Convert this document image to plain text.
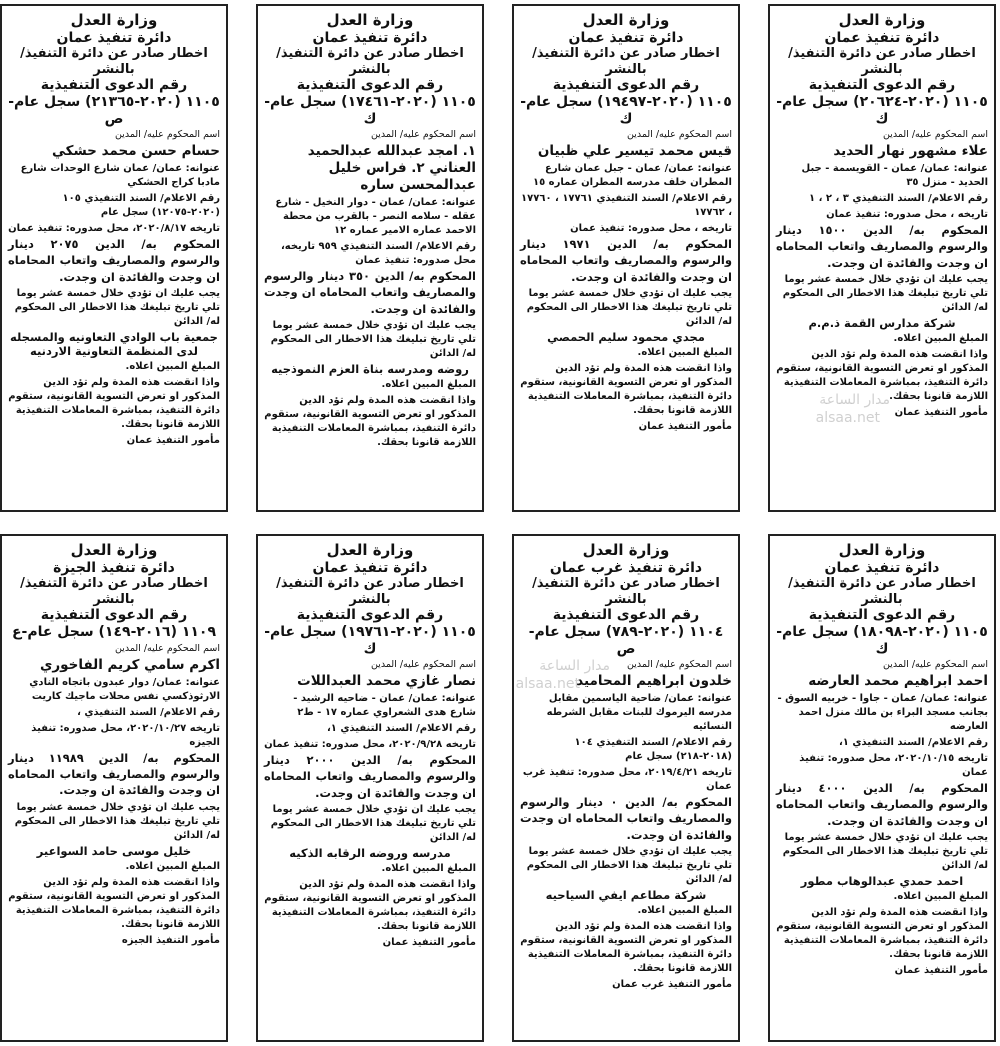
وزارة العدل
دائرة تنفيذ عمان
اخطار صادر عن دائرة التنفيذ/بالنشر
رقم الدعوى التنفيذية
١١٠٥ (٢٠٢٠-٢٠٦٢٤) سجل عام-ك
اسم المحكوم عليه/ المدين
علاء مشهور نهار الحديد
عنوانه: عمان/ عمان - القويسمة - جبل الحديد - منزل ٣٥
رقم الاعلام/ السند التنفيذي ٣ ، ٢ ، ١
تاريخه ، محل صدوره: تنفيذ عمان
المحكوم به/ الدين ١٥٠٠ دينار والرسوم والمصاريف واتعاب المحاماه ان وجدت والفائدة ان وجدت.
يجب عليك ان تؤدي خلال خمسة عشر يوما تلي تاريخ تبليغك هذا الاخطار الى المحكوم له/ الدائن
شركة مدارس القمة ذ.م.م
المبلغ المبين اعلاه.
واذا انقضت هذه المدة ولم تؤد الدين المذكور او تعرض التسوية القانونية، ستقوم دائرة التنفيذ، بمباشرة المعاملات التنفيذية اللازمة قانونا بحقك.
مأمور التنفيذ عمان
وزارة العدل
دائرة تنفيذ عمان
اخطار صادر عن دائرة التنفيذ/بالنشر
رقم الدعوى التنفيذية
١١٠٥ (٢٠٢٠-١٩٤٩٧) سجل عام-ك
اسم المحكوم عليه/ المدين
قيس محمد تيسير علي ظبيان
عنوانه: عمان/ عمان - جبل عمان شارع المطران خلف مدرسه المطران عماره ١٥
رقم الاعلام/ السند التنفيذي ١٧٧٦١ ، ١٧٧٦٠ ، ١٧٧٦٢
تاريخه ، محل صدوره: تنفيذ عمان
المحكوم به/ الدين ١٩٧١ دينار والرسوم والمصاريف واتعاب المحاماه ان وجدت والفائدة ان وجدت.
يجب عليك ان تؤدي خلال خمسة عشر يوما تلي تاريخ تبليغك هذا الاخطار الى المحكوم له/ الدائن
مجدي محمود سليم الحمصي
المبلغ المبين اعلاه.
واذا انقضت هذه المدة ولم تؤد الدين المذكور او تعرض التسوية القانونية، ستقوم دائرة التنفيذ، بمباشرة المعاملات التنفيذية اللازمة قانونا بحقك.
مأمور التنفيذ عمان
وزارة العدل
دائرة تنفيذ عمان
اخطار صادر عن دائرة التنفيذ/بالنشر
رقم الدعوى التنفيذية
١١٠٥ (٢٠٢٠-١٧٤٦١) سجل عام-ك
اسم المحكوم عليه/ المدين
١. امجد عبدالله عبدالحميد العناني ٢. فراس خليل عبدالمحسن ساره
عنوانه: عمان/ عمان - دوار النخيل - شارع عقله - سلامه النصر - بالقرب من محطة الاحمد عماره الامير عماره ١٢
رقم الاعلام/ السند التنفيذي ٩٥٩ تاريخه، محل صدوره: تنفيذ عمان
المحكوم به/ الدين ٣٥٠ دينار والرسوم والمصاريف واتعاب المحاماه ان وجدت والفائدة ان وجدت.
يجب عليك ان تؤدي خلال خمسة عشر يوما تلي تاريخ تبليغك هذا الاخطار الى المحكوم له/ الدائن
روضه ومدرسه بناة العزم النموذجيه
المبلغ المبين اعلاه.
واذا انقضت هذه المدة ولم تؤد الدين المذكور او تعرض التسوية القانونية، ستقوم دائرة التنفيذ، بمباشرة المعاملات التنفيذية اللازمة قانونا بحقك.
وزارة العدل
دائرة تنفيذ عمان
اخطار صادر عن دائرة التنفيذ/بالنشر
رقم الدعوى التنفيذية
١١٠٥ (٢٠٢٠-٢١٣٦٥) سجل عام-ص
اسم المحكوم عليه/ المدين
حسام حسن محمد حشكي
عنوانه: عمان/ عمان شارع الوحدات شارع مادبا كراج الحشكي
رقم الاعلام/ السند التنفيذي ١٠٥ (٢٠٢٠-١٢٠٧٥) سجل عام
تاريخه ٢٠٢٠/٨/١٧، محل صدوره: تنفيذ عمان
المحكوم به/ الدين ٢٠٧٥ دينار والرسوم والمصاريف واتعاب المحاماه ان وجدت والفائدة ان وجدت.
يجب عليك ان تؤدي خلال خمسة عشر يوما تلي تاريخ تبليغك هذا الاخطار الى المحكوم له/ الدائن
جمعية باب الوادي التعاونيه والمسجله لدى المنظمة التعاونية الاردنيه
المبلغ المبين اعلاه.
واذا انقضت هذه المدة ولم تؤد الدين المذكور او تعرض التسوية القانونية، ستقوم دائرة التنفيذ، بمباشرة المعاملات التنفيذية اللازمة قانونا بحقك.
مأمور التنفيذ عمان
وزارة العدل
دائرة تنفيذ عمان
اخطار صادر عن دائرة التنفيذ/بالنشر
رقم الدعوى التنفيذية
١١٠٥ (٢٠٢٠-١٨٠٩٨) سجل عام-ك
اسم المحكوم عليه/ المدين
احمد ابراهيم محمد العارضه
عنوانه: عمان/ عمان - جاوا - خربيه السوق - بجانب مسجد البراء بن مالك منزل احمد العارضه
رقم الاعلام/ السند التنفيذي ١،
تاريخه ٢٠٢٠/١٠/١٥، محل صدوره: تنفيذ عمان
المحكوم به/ الدين ٤٠٠٠ دينار والرسوم والمصاريف واتعاب المحاماه ان وجدت والفائدة ان وجدت.
يجب عليك ان تؤدي خلال خمسة عشر يوما تلي تاريخ تبليغك هذا الاخطار الى المحكوم له/ الدائن
احمد حمدي عبدالوهاب مطور
المبلغ المبين اعلاه.
واذا انقضت هذه المدة ولم تؤد الدين المذكور او تعرض التسوية القانونية، ستقوم دائرة التنفيذ، بمباشرة المعاملات التنفيذية اللازمة قانونا بحقك.
مأمور التنفيذ عمان
وزارة العدل
دائرة تنفيذ غرب عمان
اخطار صادر عن دائرة التنفيذ/بالنشر
رقم الدعوى التنفيذية
١١٠٤ (٢٠٢٠-٧٨٩) سجل عام-ص
اسم المحكوم عليه/ المدين
خلدون ابراهيم المحاميد
عنوانه: عمان/ ضاحية الياسمين مقابل مدرسه اليرموك للبنات مقابل الشرطه النسائيه
رقم الاعلام/ السند التنفيذي ١٠٤ (٢٠١٨-٢١٨) سجل عام
تاريخه ٢٠١٩/٤/٢١، محل صدوره: تنفيذ غرب عمان
المحكوم به/ الدين ٠ دينار والرسوم والمصاريف واتعاب المحاماه ان وجدت والفائدة ان وجدت.
يجب عليك ان تؤدي خلال خمسة عشر يوما تلي تاريخ تبليغك هذا الاخطار الى المحكوم له/ الدائن
شركة مطاعم ايفي السياحيه
المبلغ المبين اعلاه.
واذا انقضت هذه المدة ولم تؤد الدين المذكور او تعرض التسوية القانونية، ستقوم دائرة التنفيذ، بمباشرة المعاملات التنفيذية اللازمة قانونا بحقك.
مأمور التنفيذ غرب عمان
وزارة العدل
دائرة تنفيذ عمان
اخطار صادر عن دائرة التنفيذ/بالنشر
رقم الدعوى التنفيذية
١١٠٥ (٢٠٢٠-١٩٧٦١) سجل عام-ك
اسم المحكوم عليه/ المدين
نصار غازي محمد العبداللات
عنوانه: عمان/ عمان - ضاحيه الرشيد - شارع هدى الشعراوي عماره ١٧ - ط٢
رقم الاعلام/ السند التنفيذي ١،
تاريخه ٢٠٢٠/٩/٢٨، محل صدوره: تنفيذ عمان
المحكوم به/ الدين ٢٠٠٠ دينار والرسوم والمصاريف واتعاب المحاماه ان وجدت والفائدة ان وجدت.
يجب عليك ان تؤدي خلال خمسة عشر يوما تلي تاريخ تبليغك هذا الاخطار الى المحكوم له/ الدائن
مدرسه وروضه الرقابه الذكيه
المبلغ المبين اعلاه.
واذا انقضت هذه المدة ولم تؤد الدين المذكور او تعرض التسوية القانونية، ستقوم دائرة التنفيذ، بمباشرة المعاملات التنفيذية اللازمة قانونا بحقك.
مأمور التنفيذ عمان
وزارة العدل
دائرة تنفيذ الجيزة
اخطار صادر عن دائرة التنفيذ/بالنشر
رقم الدعوى التنفيذية
١١٠٩ (٢٠١٦-١٤٩) سجل عام-ع
اسم المحكوم عليه/ المدين
اكرم سامي كريم الفاخوري
عنوانه: عمان/ دوار عبدون باتجاه النادي الارثوذكسي نفس محلات ماجيك كاريت
رقم الاعلام/ السند التنفيذي ،
تاريخه ٢٠٢٠/١٠/٢٧، محل صدوره: تنفيذ الجيزه
المحكوم به/ الدين ١١٩٨٩ دينار والرسوم والمصاريف واتعاب المحاماه ان وجدت والفائدة ان وجدت.
يجب عليك ان تؤدي خلال خمسة عشر يوما تلي تاريخ تبليغك هذا الاخطار الى المحكوم له/ الدائن
خليل موسى حامد السواعير
المبلغ المبين اعلاه.
واذا انقضت هذه المدة ولم تؤد الدين المذكور او تعرض التسوية القانونية، ستقوم دائرة التنفيذ، بمباشرة المعاملات التنفيذية اللازمة قانونا بحقك.
مأمور التنفيذ الجيزه
مدار الساعة
alsaa.net
مدار الساعة
alsaa.net
